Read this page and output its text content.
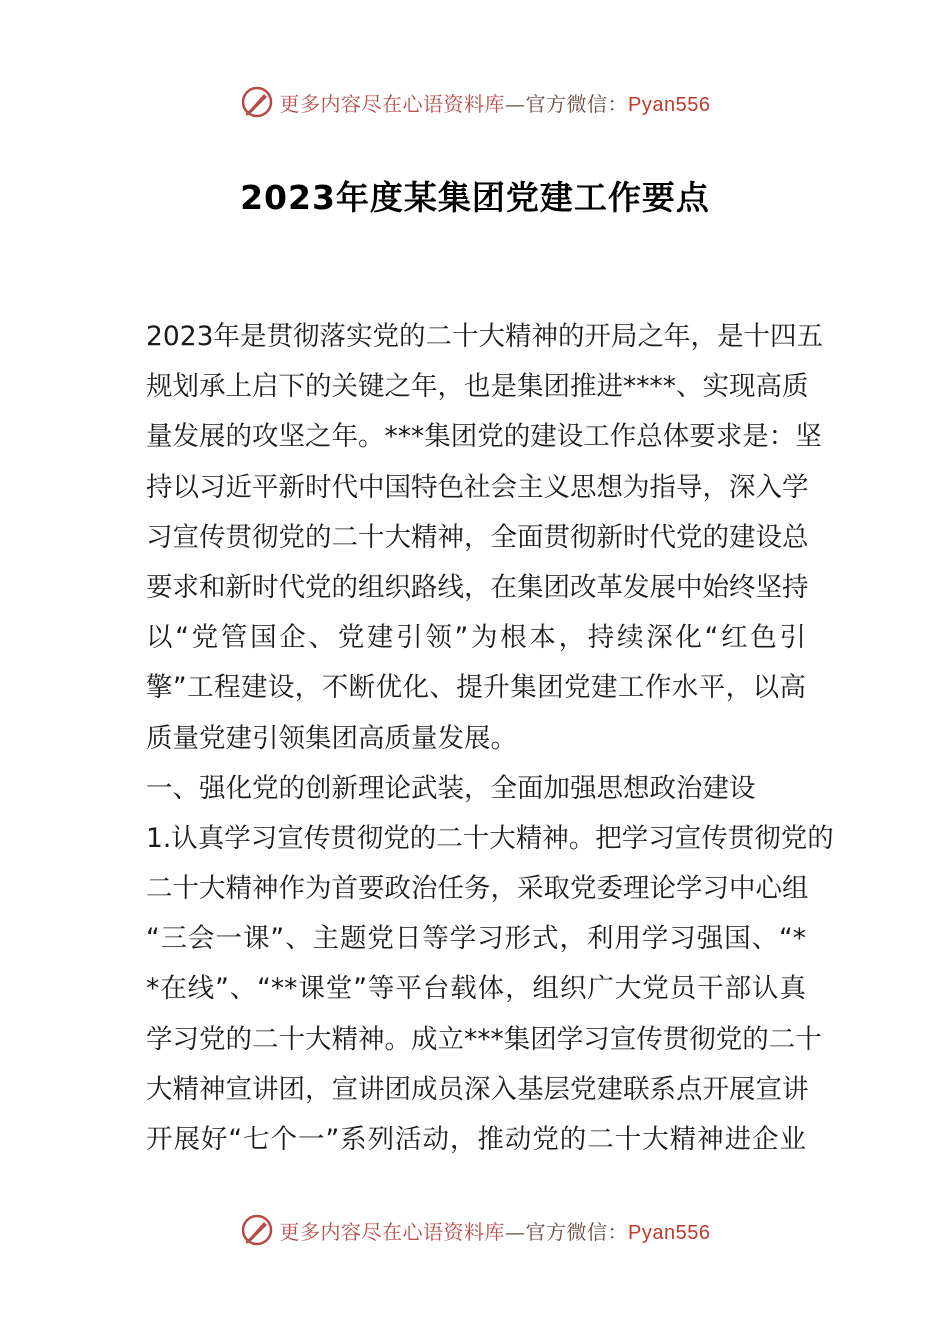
更多内容尽在心语资料库—官方微信：Pyan556
2023年度某集团党建工作要点
2023年是贯彻落实党的二十大精神的开局之年，是十四五
规划承上启下的关键之年，也是集团推进****、实现高质
量发展的攻坚之年。***集团党的建设工作总体要求是：坚
持以习近平新时代中国特色社会主义思想为指导，深入学
习宣传贯彻党的二十大精神，全面贯彻新时代党的建设总
要求和新时代党的组织路线，在集团改革发展中始终坚持
以“党管国企、党建引领”为根本，持续深化“红色引
擎”工程建设，不断优化、提升集团党建工作水平，以高
质量党建引领集团高质量发展。
一、强化党的创新理论武装，全面加强思想政治建设
1.认真学习宣传贯彻党的二十大精神。把学习宣传贯彻党的
二十大精神作为首要政治任务，采取党委理论学习中心组
“三会一课”、主题党日等学习形式，利用学习强国、“*
*在线”、“**课堂”等平台载体，组织广大党员干部认真
学习党的二十大精神。成立***集团学习宣传贯彻党的二十
大精神宣讲团，宣讲团成员深入基层党建联系点开展宣讲
开展好“七个一”系列活动，推动党的二十大精神进企业
更多内容尽在心语资料库—官方微信：Pyan556
